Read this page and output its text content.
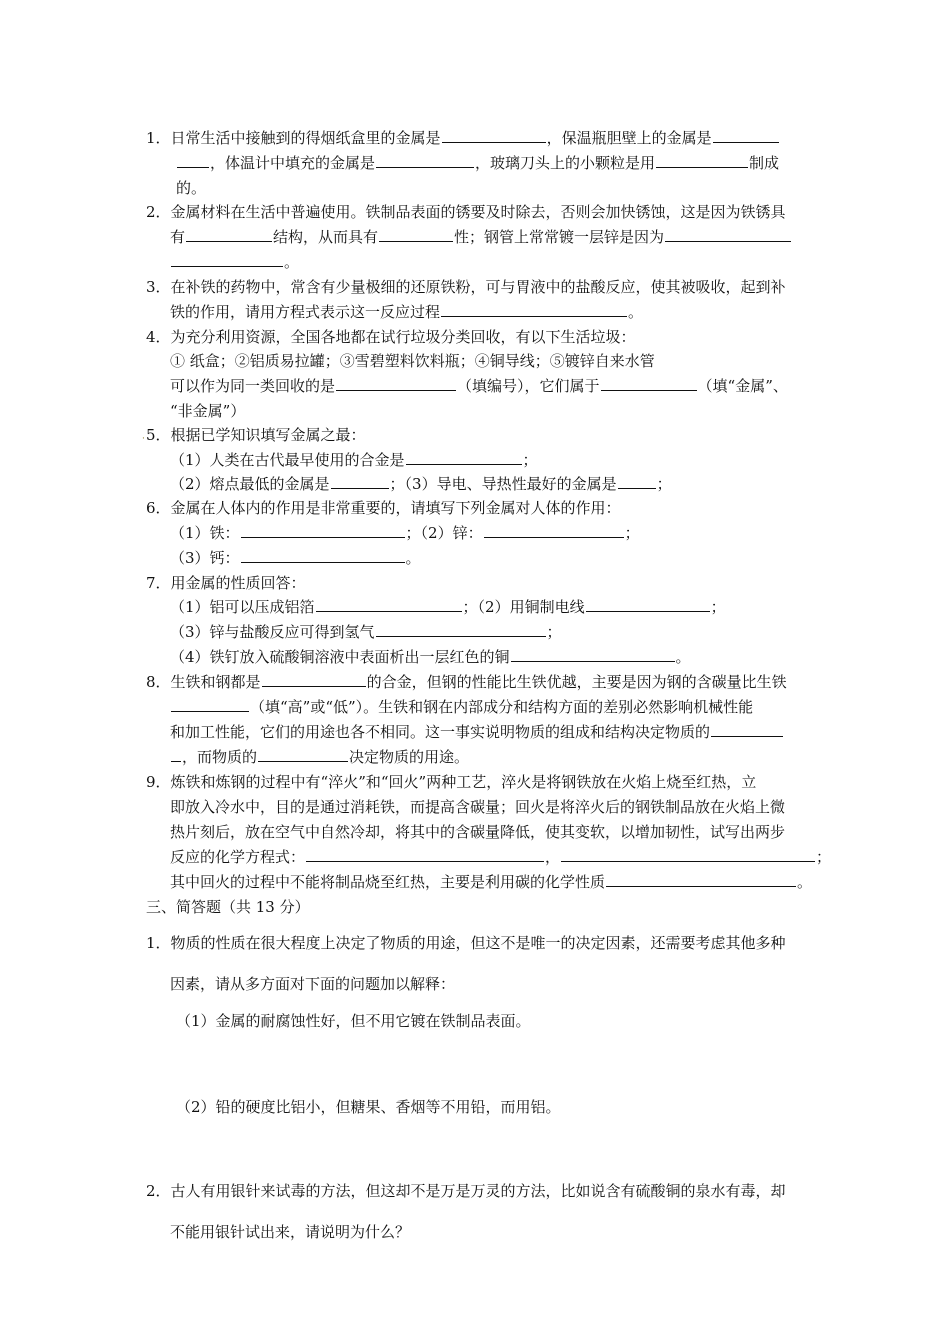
1．日常生活中接触到的得烟纸盒里的金属是	，保温瓶胆壁上的金属是
，体温计中填充的金属是	，玻璃刀头上的小颗粒是用	制成
的。
2．金属材料在生活中普遍使用。铁制品表面的锈要及时除去，否则会加快锈蚀，这是因为铁锈具
有	结构，从而具有	性；钢管上常常镀一层锌是因为
。
3．在补铁的药物中，常含有少量极细的还原铁粉，可与胃液中的盐酸反应，使其被吸收，起到补
铁的作用，请用方程式表示这一反应过程	。
4．为充分利用资源，全国各地都在试行垃圾分类回收，有以下生活垃圾：
① 纸盒；②铝质易拉罐；③雪碧塑料饮料瓶；④铜导线；⑤镀锌自来水管
可以作为同一类回收的是	（填编号），它们属于	（填“金属”、
“非金属”）
· 5．根据已学知识填写金属之最：
（1）人类在古代最早使用的合金是	；
（2）熔点最低的金属是	；（3）导电、导热性最好的金属是	；
6．金属在人体内的作用是非常重要的，请填写下列金属对人体的作用：
（1）铁：	；（2）锌：	；
（3）钙：	。
7．用金属的性质回答：
（1）铝可以压成铝箔	；（2）用铜制电线	；
（3）锌与盐酸反应可得到氢气	；
（4）铁钉放入硫酸铜溶液中表面析出一层红色的铜	。
8．生铁和钢都是	的合金，但钢的性能比生铁优越，主要是因为钢的含碳量比生铁
（填“高”或“低”）。生铁和钢在内部成分和结构方面的差别必然影响机械性能
和加工性能，它们的用途也各不相同。这一事实说明物质的组成和结构决定物质的
，而物质的	决定物质的用途。
9．炼铁和炼钢的过程中有“淬火”和“回火”两种工艺，淬火是将钢铁放在火焰上烧至红热，立
即放入冷水中，目的是通过消耗铁，而提高含碳量；回火是将淬火后的钢铁制品放在火焰上微
热片刻后，放在空气中自然冷却，将其中的含碳量降低，使其变软，以增加韧性，试写出两步
反应的化学方程式：	，	；
其中回火的过程中不能将制品烧至红热，主要是利用碳的化学性质	。
三、简答题（共 13 分）
1．物质的性质在很大程度上决定了物质的用途，但这不是唯一的决定因素，还需要考虑其他多种
因素，请从多方面对下面的问题加以解释：
（1）金属的耐腐蚀性好，但不用它镀在铁制品表面。
（2）铅的硬度比铝小，但糖果、香烟等不用铅，而用铝。
2．古人有用银针来试毒的方法，但这却不是万是万灵的方法，比如说含有硫酸铜的泉水有毒，却
不能用银针试出来，请说明为什么？
